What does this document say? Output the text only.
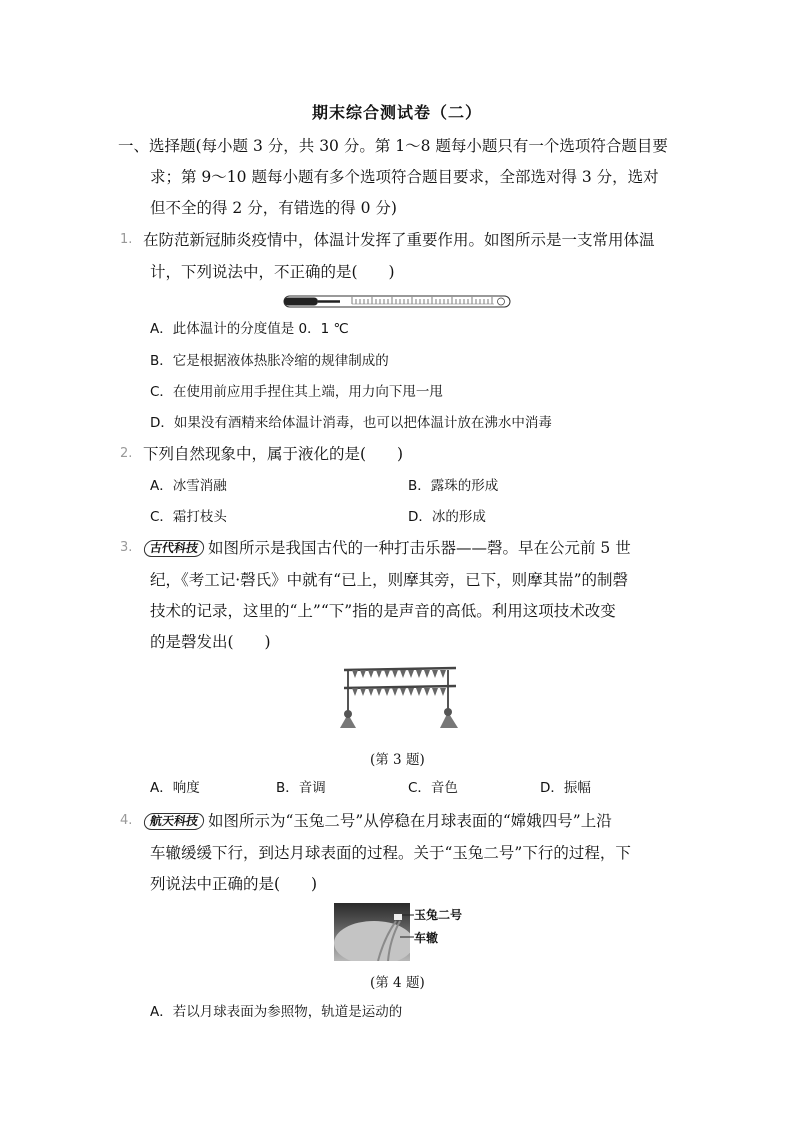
期末综合测试卷（二）
一、选择题(每小题 3 分，共 30 分。第 1～8 题每小题只有一个选项符合题目要
求；第 9～10 题每小题有多个选项符合题目要求，全部选对得 3 分，选对
但不全的得 2 分，有错选的得 0 分)
1. 在防范新冠肺炎疫情中，体温计发挥了重要作用。如图所示是一支常用体温
计，下列说法中，不正确的是(　　)
A．此体温计的分度值是 0．1 ℃
B．它是根据液体热胀冷缩的规律制成的
C．在使用前应用手捏住其上端，用力向下甩一甩
D．如果没有酒精来给体温计消毒，也可以把体温计放在沸水中消毒
2. 下列自然现象中，属于液化的是(　　)
A．冰雪消融	B．露珠的形成
C．霜打枝头	D．冰的形成
3.	古代科技 如图所示是我国古代的一种打击乐器——磬。早在公元前 5 世
纪，《考工记·磬氏》中就有“已上，则摩其旁，已下，则摩其耑”的制磬
技术的记录，这里的“上”“下”指的是声音的高低。利用这项技术改变
的是磬发出(　　)
(第 3 题)
A．响度	B．音调	C．音色	D．振幅
4.	航天科技 如图所示为“玉兔二号”从停稳在月球表面的“嫦娥四号”上沿
车辙缓缓下行，到达月球表面的过程。关于“玉兔二号”下行的过程，下
列说法中正确的是(　　)
玉兔二号
车辙
(第 4 题)
A．若以月球表面为参照物，轨道是运动的
